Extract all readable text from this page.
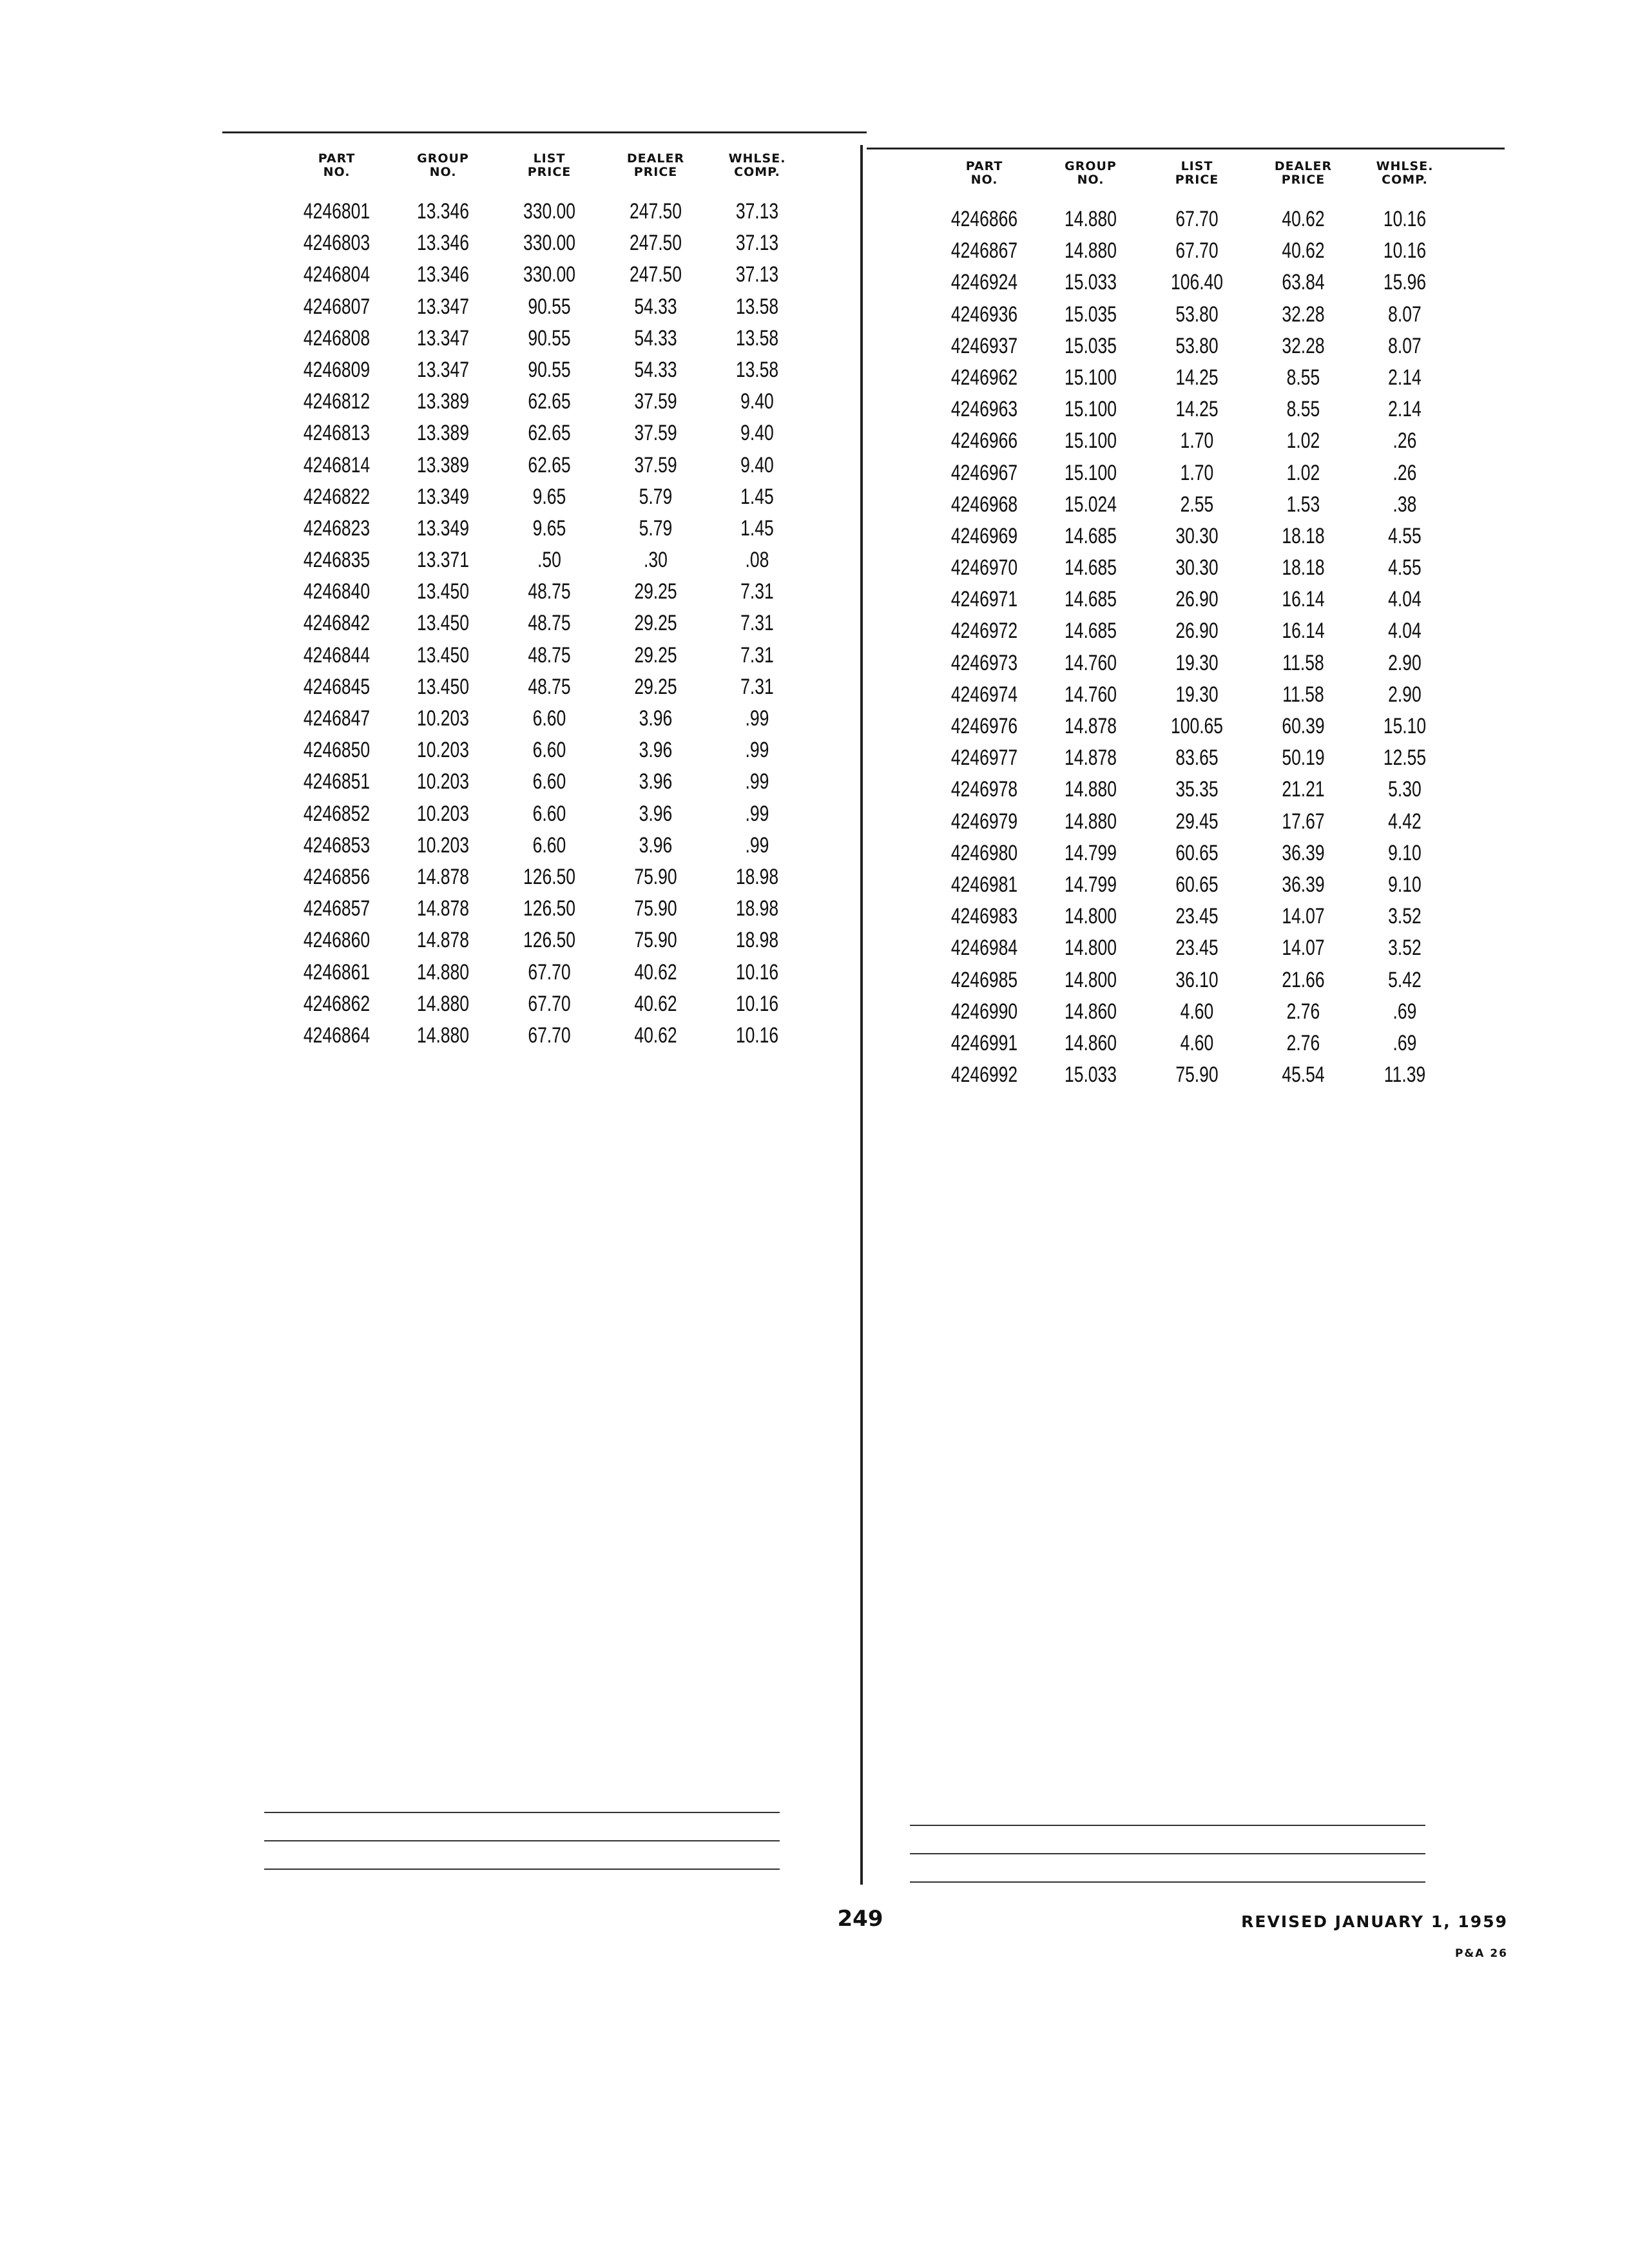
PART
NO.
GROUP
NO.
LIST
PRICE
DEALER
PRICE
WHLSE.
COMP.
4246801	13.346	330.00	247.50	37.13
4246803	13.346	330.00	247.50	37.13
4246804	13.346	330.00	247.50	37.13
4246807	13.347	90.55	54.33	13.58
4246808	13.347	90.55	54.33	13.58
4246809	13.347	90.55	54.33	13.58
4246812	13.389	62.65	37.59	9.40
4246813	13.389	62.65	37.59	9.40
4246814	13.389	62.65	37.59	9.40
4246822	13.349	9.65	5.79	1.45
4246823	13.349	9.65	5.79	1.45
4246835	13.371	.50	.30	.08
4246840	13.450	48.75	29.25	7.31
4246842	13.450	48.75	29.25	7.31
4246844	13.450	48.75	29.25	7.31
4246845	13.450	48.75	29.25	7.31
4246847	10.203	6.60	3.96	.99
4246850	10.203	6.60	3.96	.99
4246851	10.203	6.60	3.96	.99
4246852	10.203	6.60	3.96	.99
4246853	10.203	6.60	3.96	.99
4246856	14.878	126.50	75.90	18.98
4246857	14.878	126.50	75.90	18.98
4246860	14.878	126.50	75.90	18.98
4246861	14.880	67.70	40.62	10.16
4246862	14.880	67.70	40.62	10.16
4246864	14.880	67.70	40.62	10.16
PART
NO.
GROUP
NO.
LIST
PRICE
DEALER
PRICE
WHLSE.
COMP.
4246866	14.880	67.70	40.62	10.16
4246867	14.880	67.70	40.62	10.16
4246924	15.033	106.40	63.84	15.96
4246936	15.035	53.80	32.28	8.07
4246937	15.035	53.80	32.28	8.07
4246962	15.100	14.25	8.55	2.14
4246963	15.100	14.25	8.55	2.14
4246966	15.100	1.70	1.02	.26
4246967	15.100	1.70	1.02	.26
4246968	15.024	2.55	1.53	.38
4246969	14.685	30.30	18.18	4.55
4246970	14.685	30.30	18.18	4.55
4246971	14.685	26.90	16.14	4.04
4246972	14.685	26.90	16.14	4.04
4246973	14.760	19.30	11.58	2.90
4246974	14.760	19.30	11.58	2.90
4246976	14.878	100.65	60.39	15.10
4246977	14.878	83.65	50.19	12.55
4246978	14.880	35.35	21.21	5.30
4246979	14.880	29.45	17.67	4.42
4246980	14.799	60.65	36.39	9.10
4246981	14.799	60.65	36.39	9.10
4246983	14.800	23.45	14.07	3.52
4246984	14.800	23.45	14.07	3.52
4246985	14.800	36.10	21.66	5.42
4246990	14.860	4.60	2.76	.69
4246991	14.860	4.60	2.76	.69
4246992	15.033	75.90	45.54	11.39
249	REVISED JANUARY 1, 1959
P&A 26
